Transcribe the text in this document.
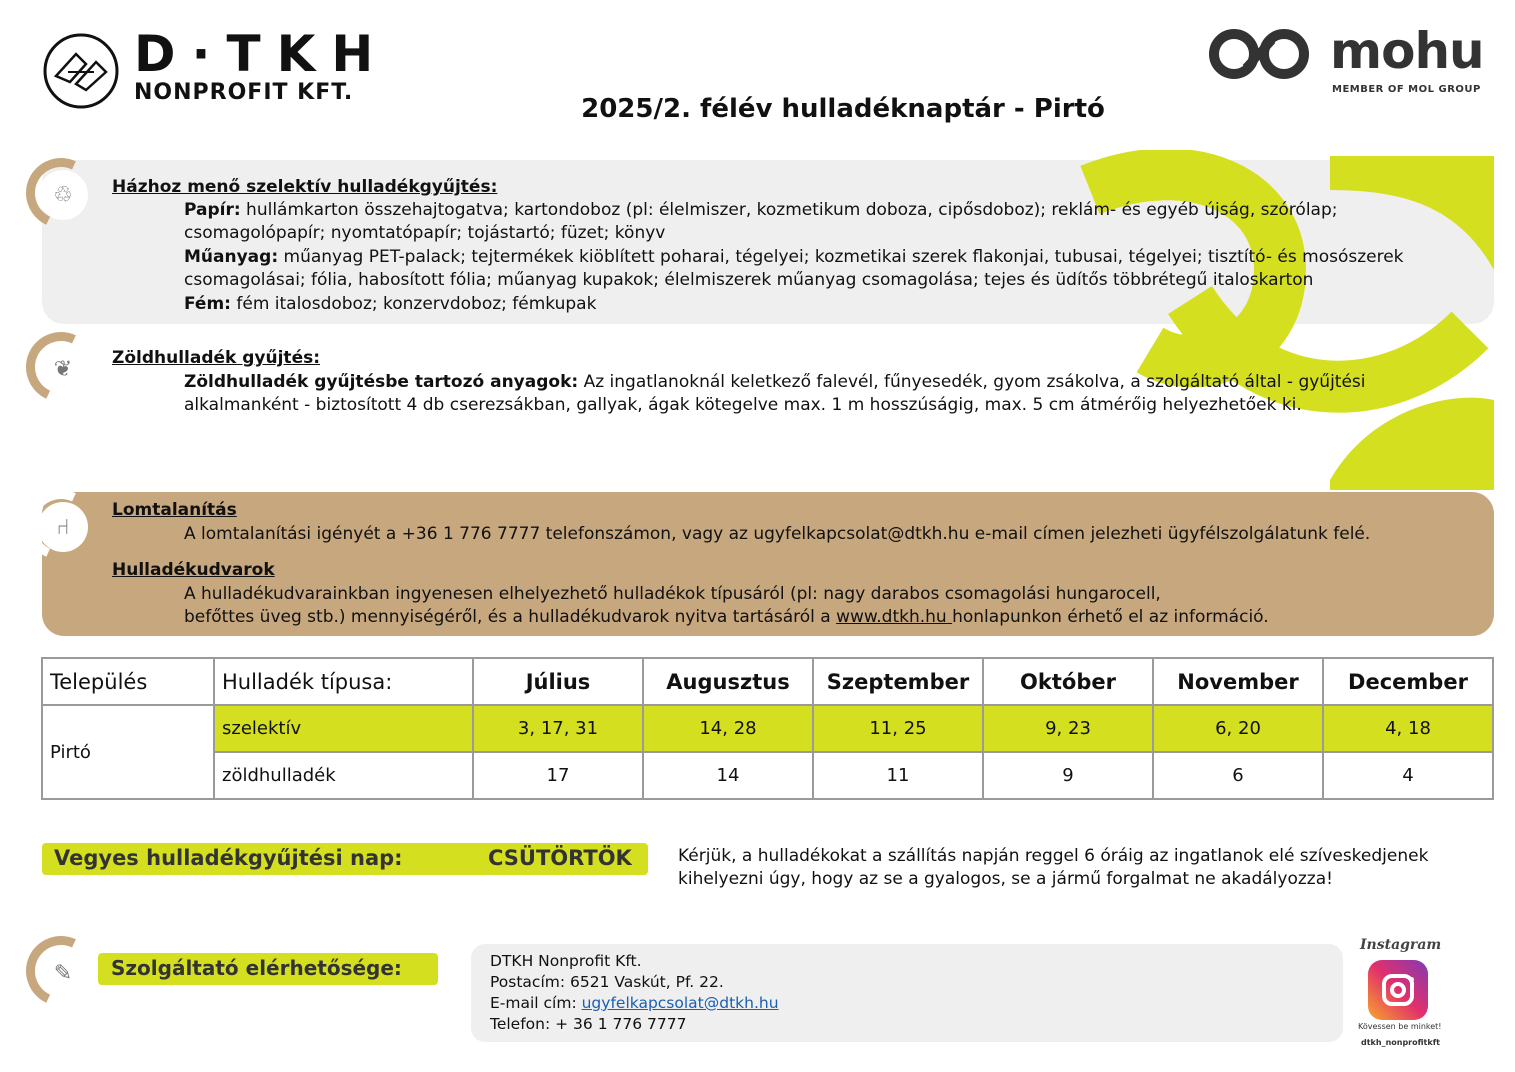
D·TKH
NONPROFIT KFT.
2025/2. félév hulladéknaptár - Pirtó
mohu
MEMBER OF MOL GROUP
♲	Házhoz menő szelektív hulladékgyűjtés:
Papír: hullámkarton összehajtogatva; kartondoboz (pl: élelmiszer, kozmetikum doboza, cipősdoboz); reklám- és egyéb újság, szórólap;
csomagolópapír; nyomtatópapír; tojástartó; füzet; könyv
Műanyag: műanyag PET-palack; tejtermékek kiöblített poharai, tégelyei; kozmetikai szerek flakonjai, tubusai, tégelyei; tisztító- és mosószerek
csomagolásai; fólia, habosított fólia; műanyag kupakok; élelmiszerek műanyag csomagolása; tejes és üdítős többrétegű italoskarton
Fém: fém italosdoboz; konzervdoboz; fémkupak
❦	Zöldhulladék gyűjtés:
Zöldhulladék gyűjtésbe tartozó anyagok: Az ingatlanoknál keletkező falevél, fűnyesedék, gyom zsákolva, a szolgáltató által - gyűjtési
alkalmanként - biztosított 4 db cserezsákban, gallyak, ágak kötegelve max. 1 m hosszúságig, max. 5 cm átmérőig helyezhetőek ki.
⑁
Lomtalanítás
A lomtalanítási igényét a +36 1 776 7777 telefonszámon, vagy az ugyfelkapcsolat@dtkh.hu e-mail címen jelezheti ügyfélszolgálatunk felé.
Hulladékudvarok
A hulladékudvarainkban ingyenesen elhelyezhető hulladékok típusáról (pl: nagy darabos csomagolási hungarocell,
befőttes üveg stb.) mennyiségéről, és a hulladékudvarok nyitva tartásáról a www.dtkh.hu honlapunkon érhető el az információ.
Település	Hulladék típusa:	Július	Augusztus	Szeptember	Október	November	December
Pirtó	szelektív	3, 17, 31	14, 28	11, 25	9, 23	6, 20	4, 18
	zöldhulladék	17	14	11	9	6	4
Vegyes hulladékgyűjtési nap:	CSÜTÖRTÖK	Kérjük, a hulladékokat a szállítás napján reggel 6 óráig az ingatlanok elé szíveskedjenek kihelyezni úgy, hogy az se a gyalogos, se a jármű forgalmat ne akadályozza!
✎	Szolgáltató elérhetősége:	DTKH Nonprofit Kft.
Postacím: 6521 Vaskút, Pf. 22.
E-mail cím: ugyfelkapcsolat@dtkh.hu
Telefon: + 36 1 776 7777
Instagram
Kövessen be minket!
dtkh_nonprofitkft
